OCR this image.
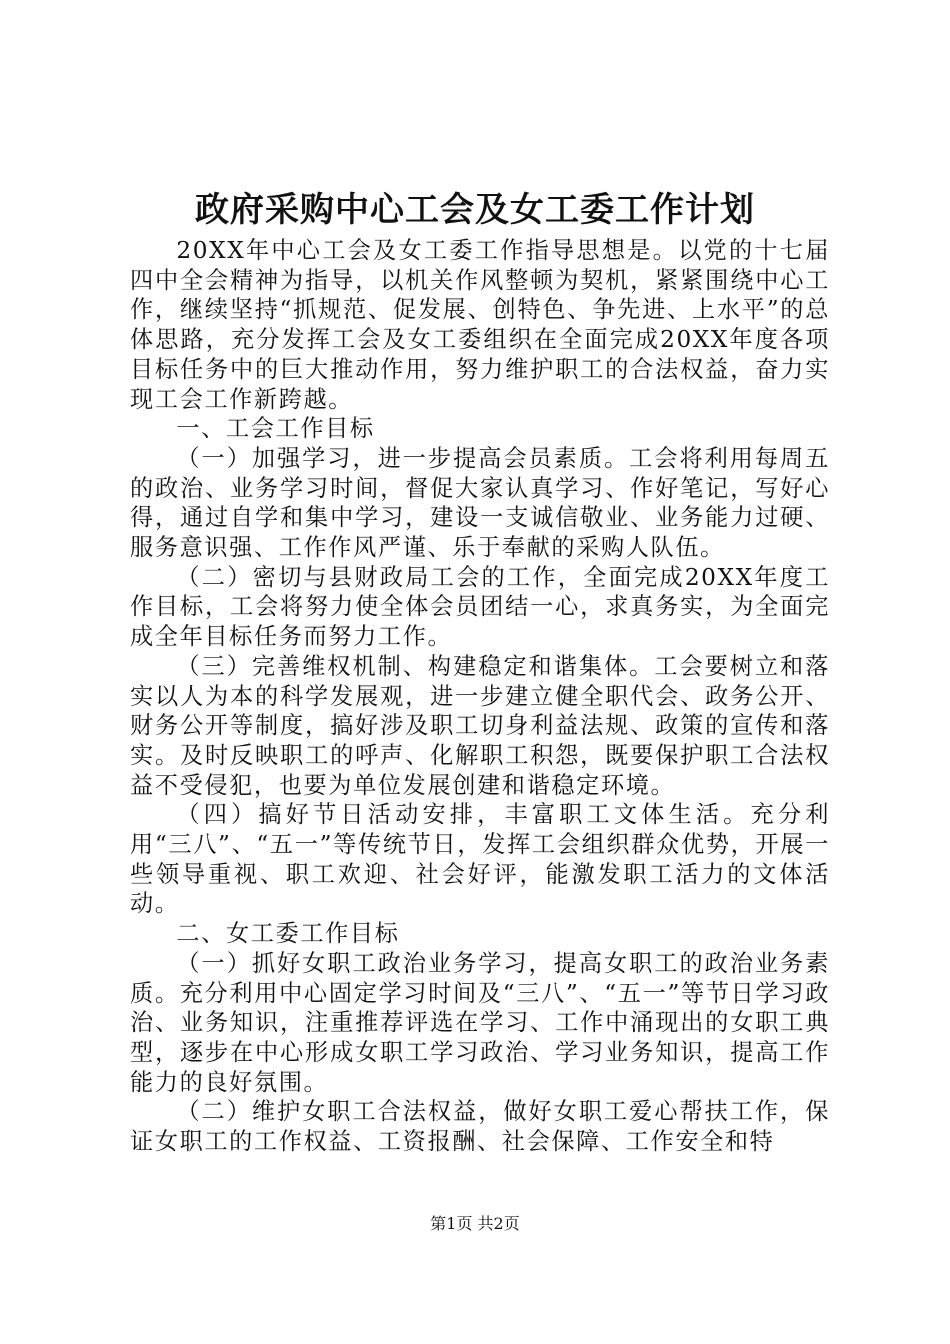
政府采购中心工会及女工委工作计划

20XX年中心工会及女工委工作指导思想是。以党的十七届四中全会精神为指导，以机关作风整顿为契机，紧紧围绕中心工作，继续坚持“抓规范、促发展、创特色、争先进、上水平”的总体思路，充分发挥工会及女工委组织在全面完成20XX年度各项目标任务中的巨大推动作用，努力维护职工的合法权益，奋力实现工会工作新跨越。

一、工会工作目标

（一）加强学习，进一步提高会员素质。工会将利用每周五的政治、业务学习时间，督促大家认真学习、作好笔记，写好心得，通过自学和集中学习，建设一支诚信敬业、业务能力过硬、服务意识强、工作作风严谨、乐于奉献的采购人队伍。

（二）密切与县财政局工会的工作，全面完成20XX年度工作目标，工会将努力使全体会员团结一心，求真务实，为全面完成全年目标任务而努力工作。

（三）完善维权机制、构建稳定和谐集体。工会要树立和落实以人为本的科学发展观，进一步建立健全职代会、政务公开、财务公开等制度，搞好涉及职工切身利益法规、政策的宣传和落实。及时反映职工的呼声、化解职工积怨，既要保护职工合法权益不受侵犯，也要为单位发展创建和谐稳定环境。

（四）搞好节日活动安排，丰富职工文体生活。充分利用“三八”、“五一”等传统节日，发挥工会组织群众优势，开展一些领导重视、职工欢迎、社会好评，能激发职工活力的文体活动。

二、女工委工作目标

（一）抓好女职工政治业务学习，提高女职工的政治业务素质。充分利用中心固定学习时间及“三八”、“五一”等节日学习政治、业务知识，注重推荐评选在学习、工作中涌现出的女职工典型，逐步在中心形成女职工学习政治、学习业务知识，提高工作能力的良好氛围。

（二）维护女职工合法权益，做好女职工爱心帮扶工作，保证女职工的工作权益、工资报酬、社会保障、工作安全和特

第1页 共2页
